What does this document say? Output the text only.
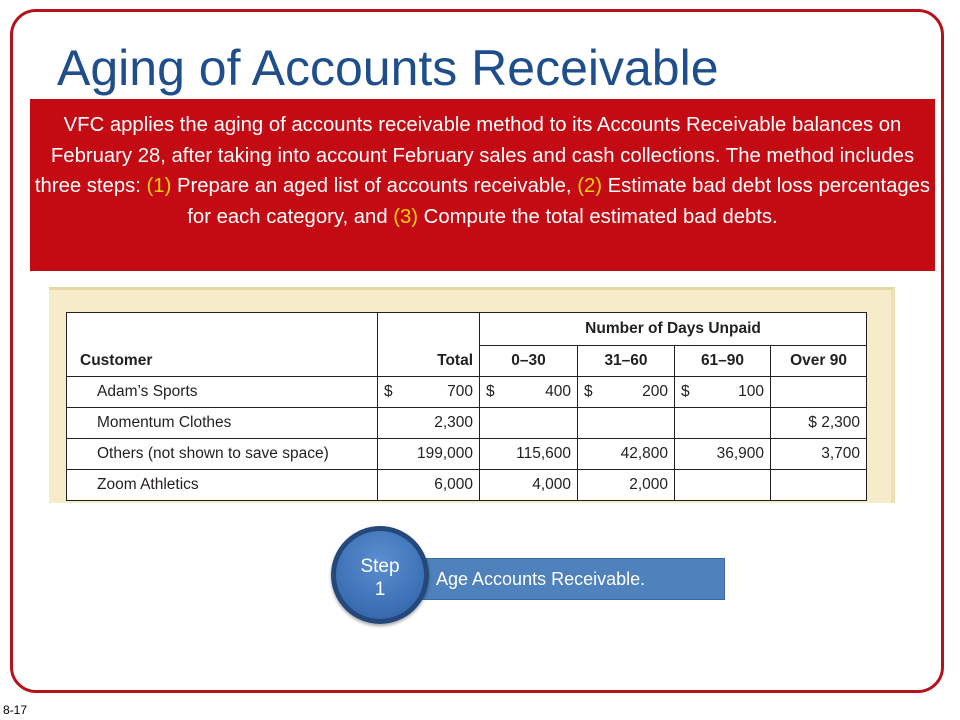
Aging of Accounts Receivable
VFC applies the aging of accounts receivable method to its Accounts Receivable balances on February 28, after taking into account February sales and cash collections. The method includes three steps: (1) Prepare an aged list of accounts receivable, (2) Estimate bad debt loss percentages for each category, and (3) Compute the total estimated bad debts.
Customer	Total	Number of Days Unpaid			
		0–30	31–60	61–90	Over 90
Adam’s Sports	$ 700	$ 400	$ 200	$ 100	

Momentum Clothes	2,300				$ 2,300
Others (not shown to save space)	199,000	115,600	42,800	36,900	3,700
Zoom Athletics	6,000	4,000	2,000		
Age Accounts Receivable.
Step
1
8-17
